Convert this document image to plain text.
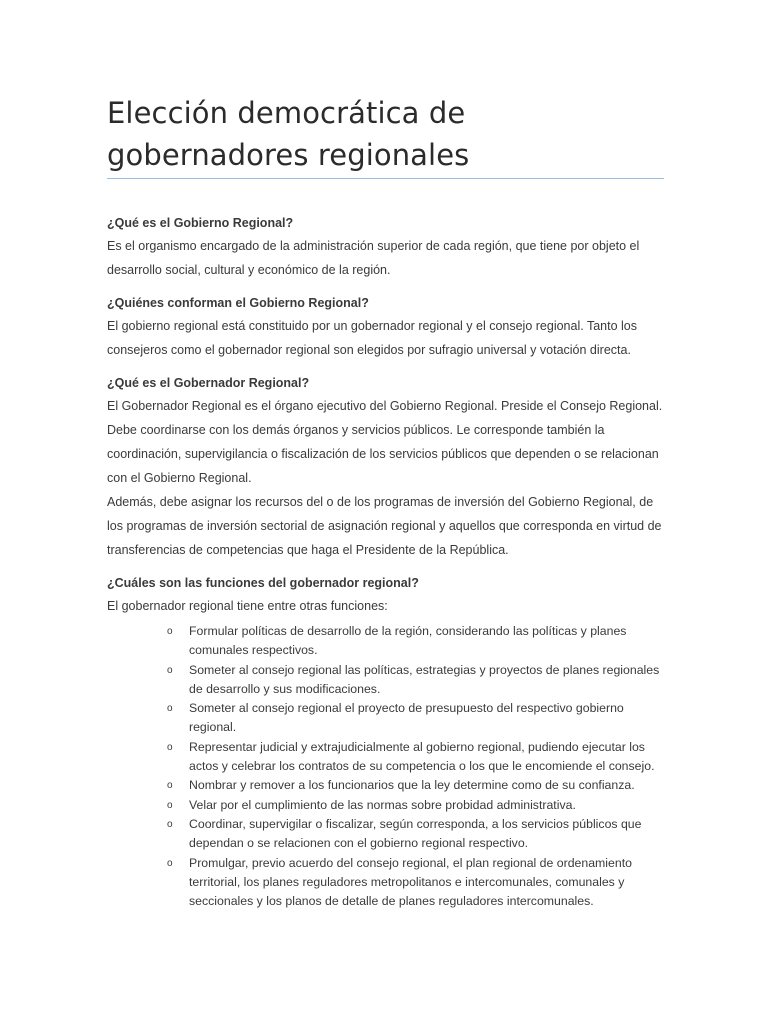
Elección democrática de gobernadores regionales

¿Qué es el Gobierno Regional?

Es el organismo encargado de la administración superior de cada región, que tiene por objeto el desarrollo social, cultural y económico de la región.

¿Quiénes conforman el Gobierno Regional?

El gobierno regional está constituido por un gobernador regional y el consejo regional. Tanto los consejeros como el gobernador regional son elegidos por sufragio universal y votación directa.

¿Qué es el Gobernador Regional?

El Gobernador Regional es el órgano ejecutivo del Gobierno Regional. Preside el Consejo Regional. Debe coordinarse con los demás órganos y servicios públicos. Le corresponde también la coordinación, supervigilancia o fiscalización de los servicios públicos que dependen o se relacionan con el Gobierno Regional.

Además, debe asignar los recursos del o de los programas de inversión del Gobierno Regional, de los programas de inversión sectorial de asignación regional y aquellos que corresponda en virtud de transferencias de competencias que haga el Presidente de la República.

¿Cuáles son las funciones del gobernador regional?

El gobernador regional tiene entre otras funciones:

o Formular políticas de desarrollo de la región, considerando las políticas y planes comunales respectivos.
o Someter al consejo regional las políticas, estrategias y proyectos de planes regionales de desarrollo y sus modificaciones.
o Someter al consejo regional el proyecto de presupuesto del respectivo gobierno regional.
o Representar judicial y extrajudicialmente al gobierno regional, pudiendo ejecutar los actos y celebrar los contratos de su competencia o los que le encomiende el consejo.
o Nombrar y remover a los funcionarios que la ley determine como de su confianza.
o Velar por el cumplimiento de las normas sobre probidad administrativa.
o Coordinar, supervigilar o fiscalizar, según corresponda, a los servicios públicos que dependan o se relacionen con el gobierno regional respectivo.
o Promulgar, previo acuerdo del consejo regional, el plan regional de ordenamiento territorial, los planes reguladores metropolitanos e intercomunales, comunales y seccionales y los planos de detalle de planes reguladores intercomunales.
